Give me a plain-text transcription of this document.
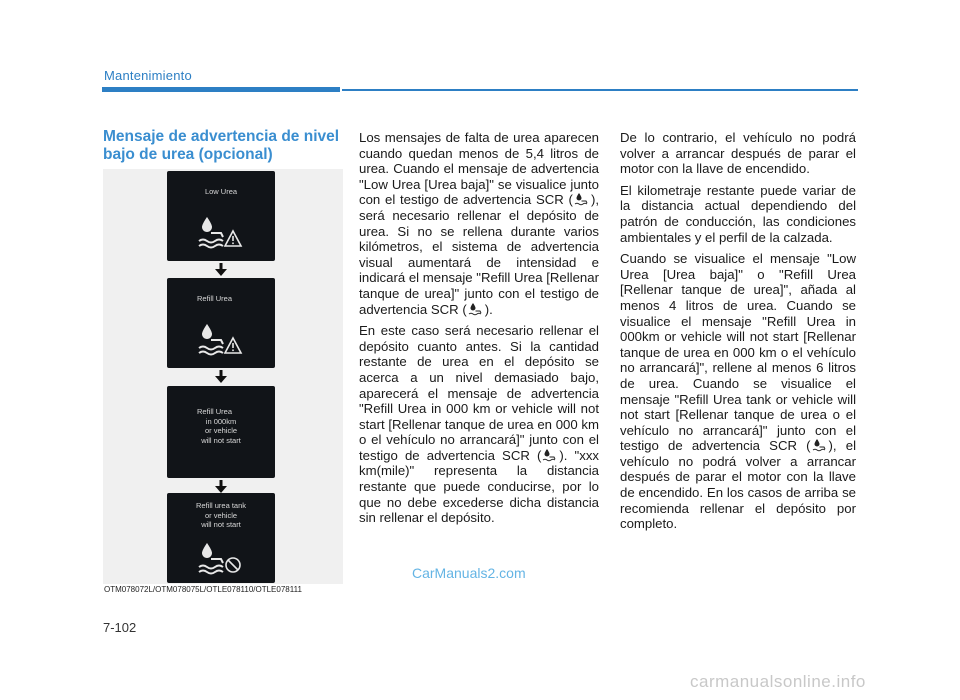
Mantenimiento
Mensaje de advertencia de nivel bajo de urea (opcional)
Low Urea
Refill Urea
Refill Urea
in 000km
or vehicle
will not start
Refill urea tank
or vehicle
will not start
OTM078072L/OTM078075L/OTLE078110/OTLE078111

Los mensajes de falta de urea aparecen cuando quedan menos de 5,4 litros de urea. Cuando el mensaje de advertencia "Low Urea [Urea baja]" se visualice junto con el testigo de advertencia SCR ( ), será necesario rellenar el depósito de urea. Si no se rellena durante varios kilómetros, el sistema de advertencia visual aumentará de intensidad e indicará el mensaje "Refill Urea [Rellenar tanque de urea]" junto con el testigo de advertencia SCR ( ).

En este caso será necesario rellenar el depósito cuanto antes. Si la cantidad restante de urea en el depósito se acerca a un nivel demasiado bajo, aparecerá el mensaje de advertencia "Refill Urea in 000 km or vehicle will not start [Rellenar tanque de urea en 000 km o el vehículo no arrancará]" junto con el testigo de advertencia SCR ( ). "xxx km(mile)" representa la distancia restante que puede conducirse, por lo que no debe excederse dicha distancia sin rellenar el depósito.

De lo contrario, el vehículo no podrá volver a arrancar después de parar el motor con la llave de encendido.

El kilometraje restante puede variar de la distancia actual dependiendo del patrón de conducción, las condiciones ambientales y el perfil de la calzada.

Cuando se visualice el mensaje "Low Urea [Urea baja]" o "Refill Urea [Rellenar tanque de urea]", añada al menos 4 litros de urea. Cuando se visualice el mensaje "Refill Urea in 000km or vehicle will not start [Rellenar tanque de urea en 000 km o el vehículo no arrancará]", rellene al menos 6 litros de urea. Cuando se visualice el mensaje "Refill Urea tank or vehicle will not start [Rellenar tanque de urea o el vehículo no arrancará]" junto con el testigo de advertencia SCR ( ), el vehículo no podrá volver a arrancar después de parar el motor con la llave de encendido. En los casos de arriba se recomienda rellenar el depósito por completo.

CarManuals2.com
7-102
carmanualsonline.info
